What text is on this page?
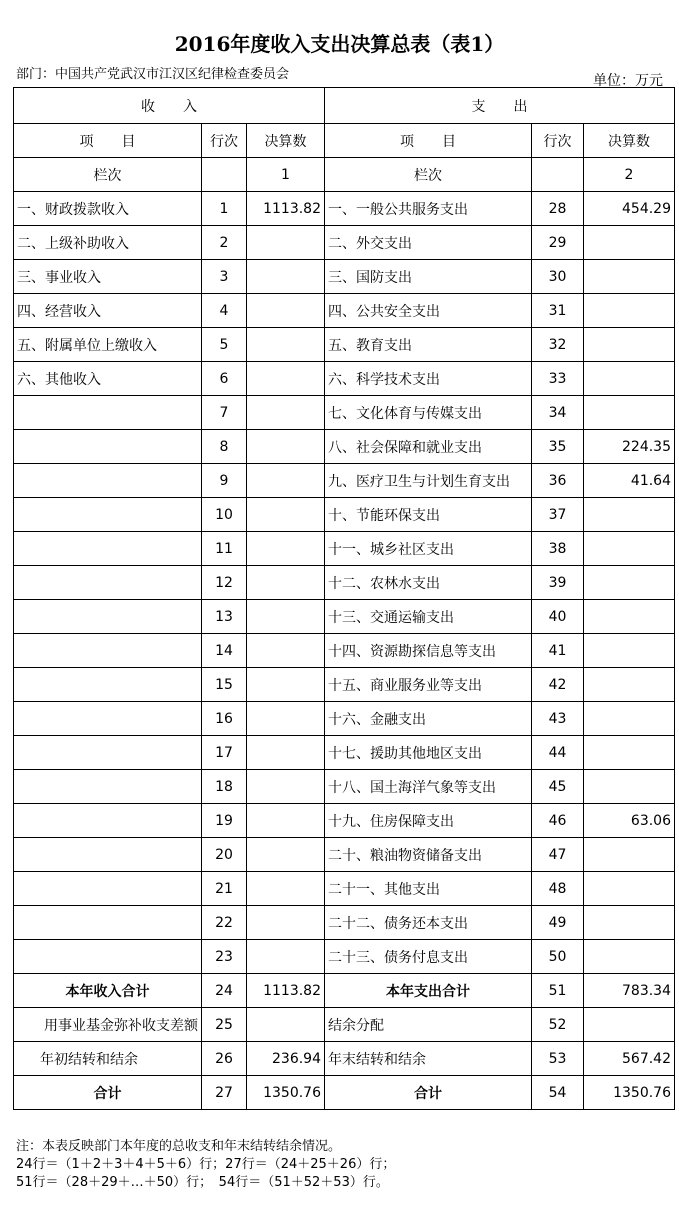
2016年度收入支出决算总表（表1）
部门：中国共产党武汉市江汉区纪律检查委员会	单位：万元
收　　入			支　　出		
项　　目	行次	决算数	项　　目	行次	决算数
栏次		1	栏次		2
一、财政拨款收入	1	1113.82	一、一般公共服务支出	28	454.29
二、上级补助收入	2		二、外交支出	29	
三、事业收入	3		三、国防支出	30	
四、经营收入	4		四、公共安全支出	31	
五、附属单位上缴收入	5		五、教育支出	32	
六、其他收入	6		六、科学技术支出	33	
	7		七、文化体育与传媒支出	34	
	8		八、社会保障和就业支出	35	224.35
	9		九、医疗卫生与计划生育支出	36	41.64
	10		十、节能环保支出	37	
	11		十一、城乡社区支出	38	
	12		十二、农林水支出	39	
	13		十三、交通运输支出	40	
	14		十四、资源勘探信息等支出	41	
	15		十五、商业服务业等支出	42	
	16		十六、金融支出	43	
	17		十七、援助其他地区支出	44	
	18		十八、国土海洋气象等支出	45	
	19		十九、住房保障支出	46	63.06
	20		二十、粮油物资储备支出	47	
	21		二十一、其他支出	48	
	22		二十二、债务还本支出	49	
	23		二十三、债务付息支出	50	
本年收入合计	24	1113.82	本年支出合计	51	783.34
用事业基金弥补收支差额	25		结余分配	52	
年初结转和结余	26	236.94	年末结转和结余	53	567.42
合计	27	1350.76	合计	54	1350.76
注：本表反映部门本年度的总收支和年末结转结余情况。
24行＝（1＋2＋3＋4＋5＋6）行；27行＝（24＋25＋26）行；
51行＝（28＋29＋…＋50）行；　54行＝（51＋52＋53）行。
